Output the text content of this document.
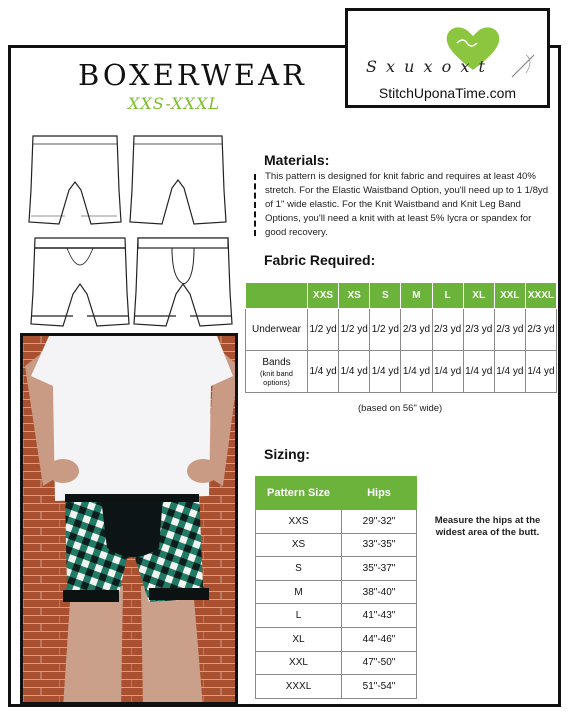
BOXERWEAR
XXS-XXXL
S x u x o x t
StitchUponaTime.com
Materials:
This pattern is designed for knit fabric and requires at least 40% stretch. For the Elastic Waistband Option, you'll need up to 1 1/8yd of 1" wide elastic. For the Knit Waistband and Knit Leg Band Options, you'll need a knit with at least 5% lycra or spandex for good recovery.
Fabric Required:
	XXS	XS	S	M	L	XL	XXL	XXXL
Underwear	1/2 yd	1/2 yd	1/2 yd	2/3 yd	2/3 yd	2/3 yd	2/3 yd	2/3 yd
Bands
(knit band options)	1/4 yd	1/4 yd	1/4 yd	1/4 yd	1/4 yd	1/4 yd	1/4 yd	1/4 yd
(based on 56" wide)
Sizing:
Pattern Size	Hips
XXS	29"-32"
XS	33"-35"
S	35"-37"
M	38"-40"
L	41"-43"
XL	44"-46"
XXL	47"-50"
XXXL	51"-54"
Measure the hips at the widest area of the butt.
